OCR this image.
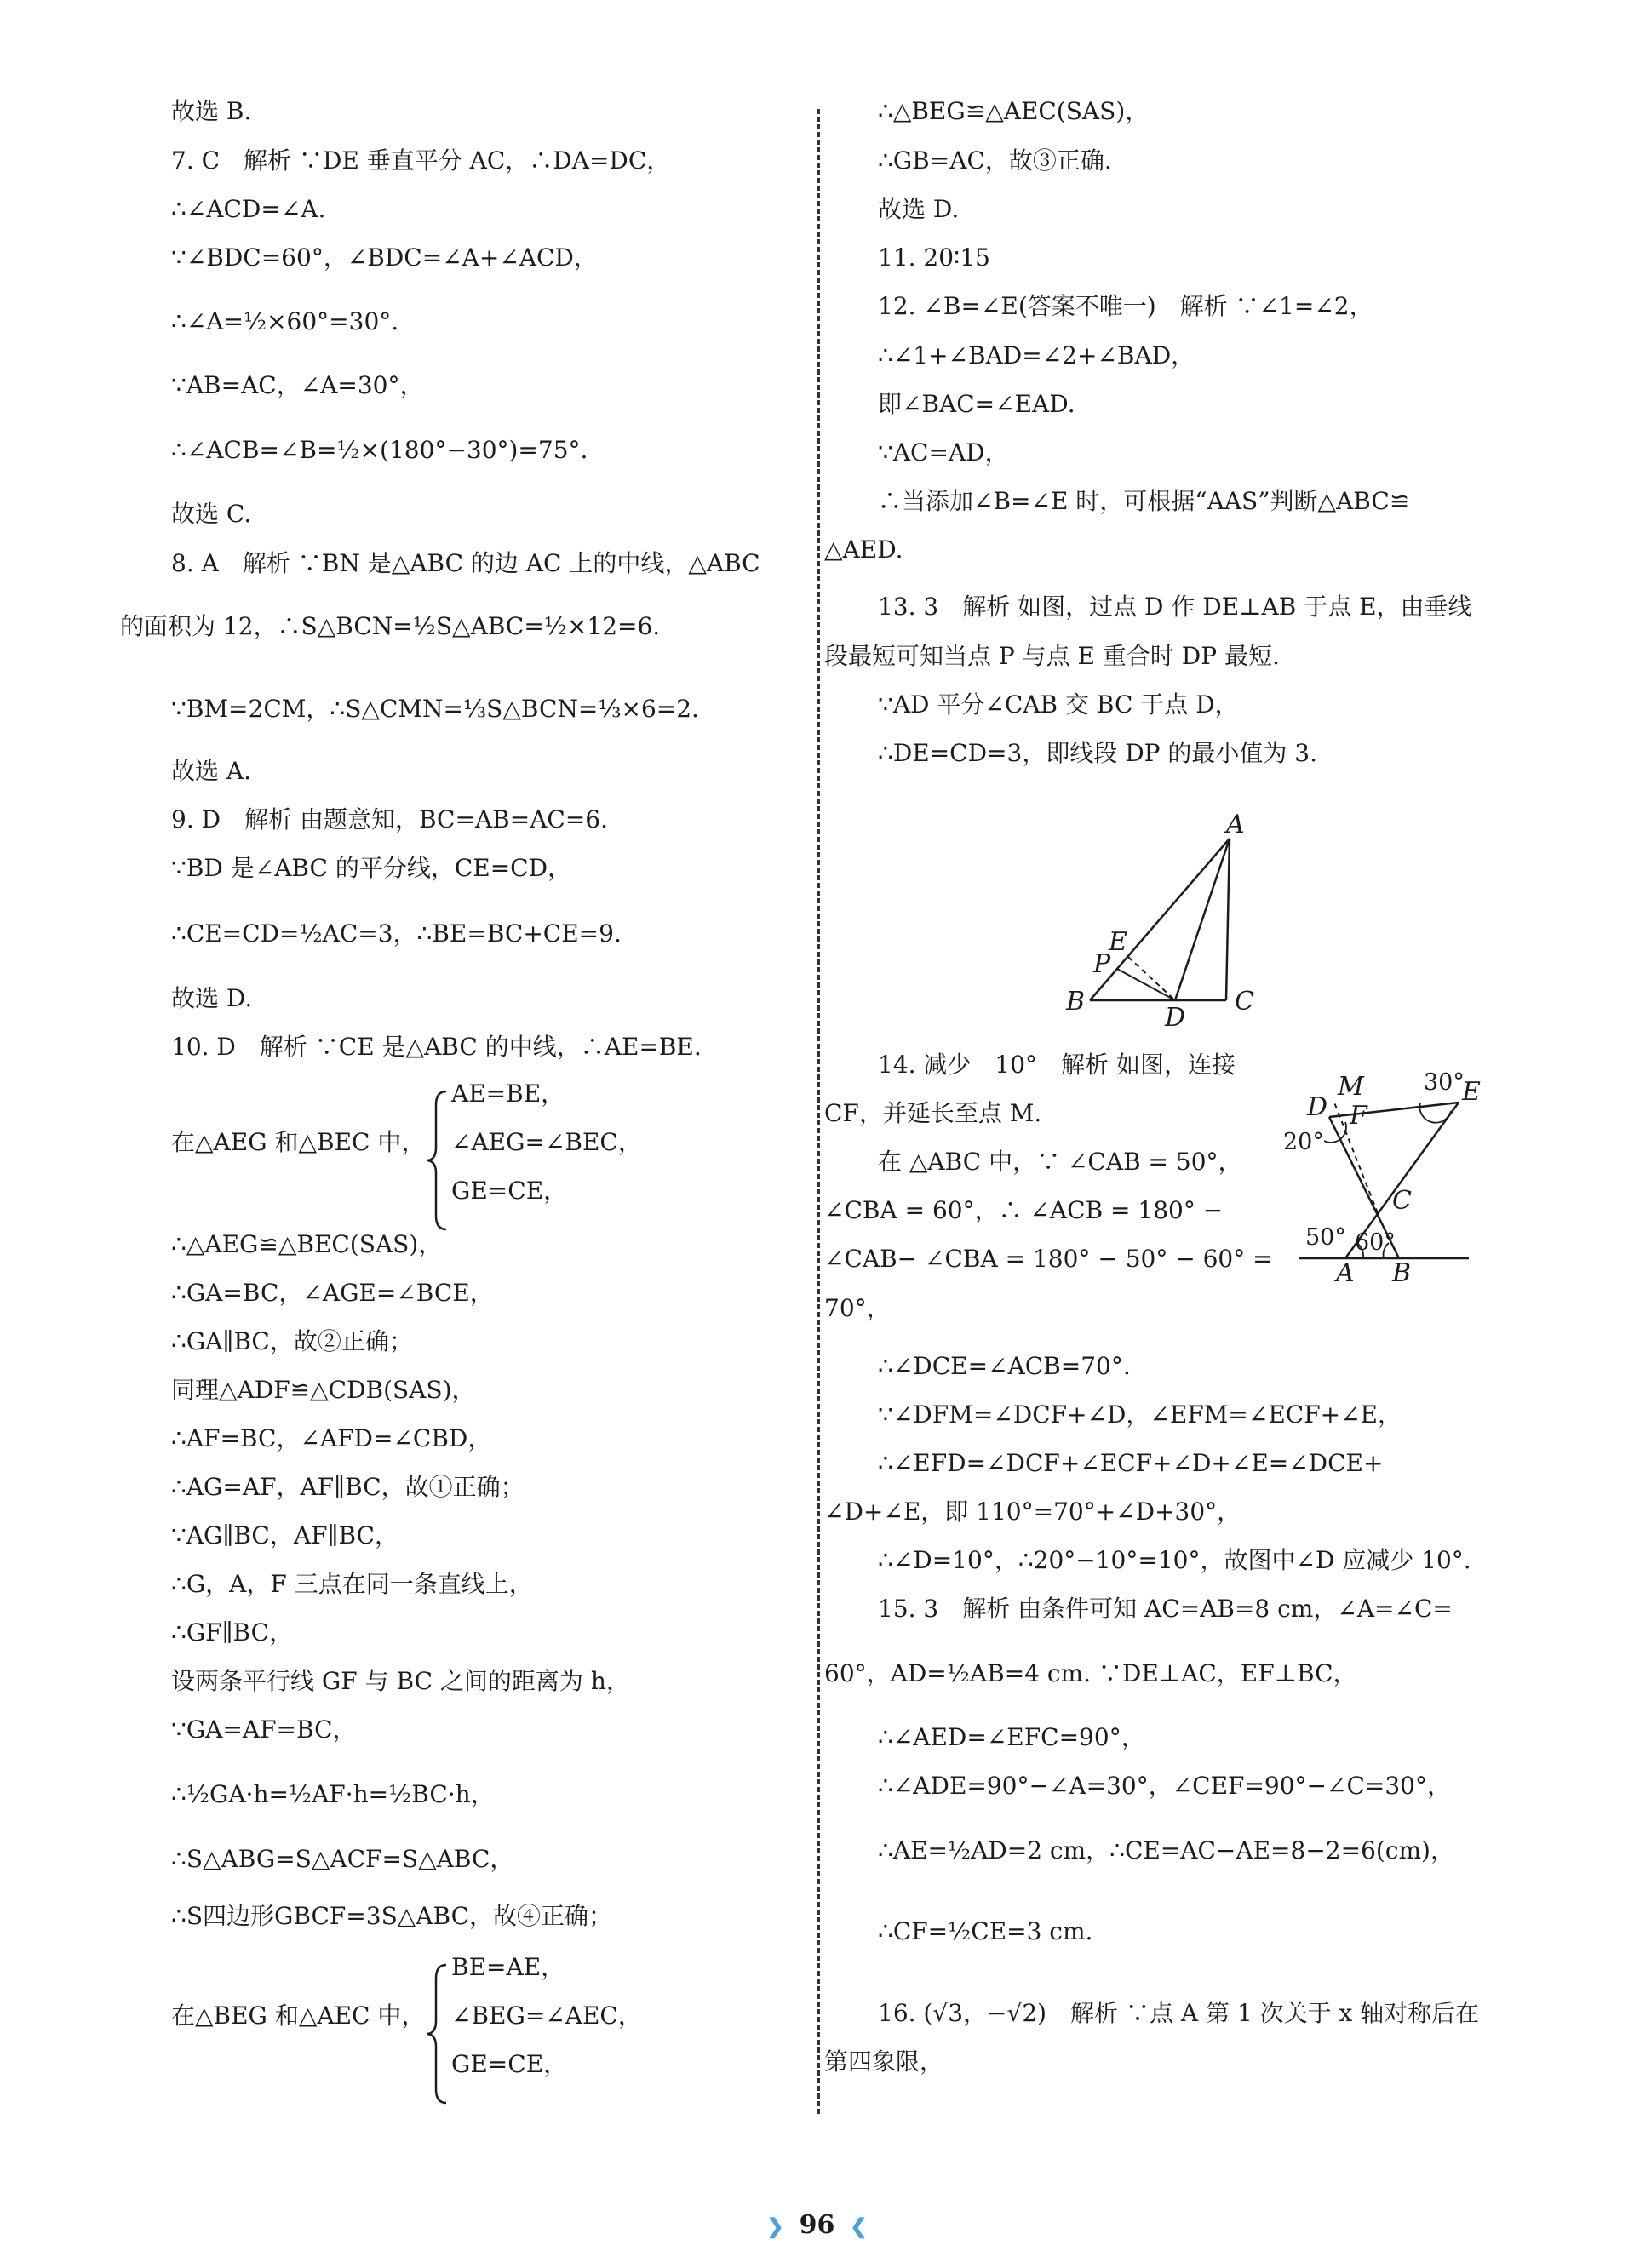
故选 B.
7. C　解析 ∵DE 垂直平分 AC，∴DA=DC，
∴∠ACD=∠A.
∵∠BDC=60°，∠BDC=∠A+∠ACD，
∴∠A=½×60°=30°.
∵AB=AC，∠A=30°，
∴∠ACB=∠B=½×(180°−30°)=75°.
故选 C.
8. A　解析 ∵BN 是△ABC 的边 AC 上的中线，△ABC
的面积为 12，∴S△BCN=½S△ABC=½×12=6.
∵BM=2CM，∴S△CMN=⅓S△BCN=⅓×6=2.
故选 A.
9. D　解析 由题意知，BC=AB=AC=6.
∵BD 是∠ABC 的平分线，CE=CD，
∴CE=CD=½AC=3，∴BE=BC+CE=9.
故选 D.
10. D　解析 ∵CE 是△ABC 的中线，∴AE=BE.
AE=BE，
在△AEG 和△BEC 中， ∠AEG=∠BEC，
GE=CE，
∴△AEG≌△BEC(SAS)，
∴GA=BC，∠AGE=∠BCE，
∴GA∥BC，故②正确；
同理△ADF≌△CDB(SAS)，
∴AF=BC，∠AFD=∠CBD，
∴AG=AF，AF∥BC，故①正确；
∵AG∥BC，AF∥BC，
∴G，A，F 三点在同一条直线上，
∴GF∥BC，
设两条平行线 GF 与 BC 之间的距离为 h，
∵GA=AF=BC，
∴½GA·h=½AF·h=½BC·h，
∴S△ABG=S△ACF=S△ABC，
∴S四边形GBCF=3S△ABC，故④正确；
BE=AE，
在△BEG 和△AEC 中， ∠BEG=∠AEC，
GE=CE，
∴△BEG≌△AEC(SAS)，
∴GB=AC，故③正确.
故选 D.
11. 20∶15
12. ∠B=∠E(答案不唯一)　解析 ∵∠1=∠2，
∴∠1+∠BAD=∠2+∠BAD，
即∠BAC=∠EAD.
∵AC=AD，
∴当添加∠B=∠E 时，可根据“AAS”判断△ABC≌
△AED.
13. 3　解析 如图，过点 D 作 DE⊥AB 于点 E，由垂线
段最短可知当点 P 与点 E 重合时 DP 最短.
∵AD 平分∠CAB 交 BC 于点 D，
∴DE=CD=3，即线段 DP 的最小值为 3.
14. 减少　10°　解析 如图，连接
CF，并延长至点 M.
在 △ABC 中，∵ ∠CAB = 50°，
∠CBA = 60°，∴ ∠ACB = 180° −
∠CAB− ∠CBA = 180° − 50° − 60° =
70°，
∴∠DCE=∠ACB=70°.
∵∠DFM=∠DCF+∠D，∠EFM=∠ECF+∠E，
∴∠EFD=∠DCF+∠ECF+∠D+∠E=∠DCE+
∠D+∠E，即 110°=70°+∠D+30°，
∴∠D=10°，∴20°−10°=10°，故图中∠D 应减少 10°.
15. 3　解析 由条件可知 AC=AB=8 cm，∠A=∠C=
60°，AD=½AB=4 cm. ∵DE⊥AC，EF⊥BC，
∴∠AED=∠EFC=90°，
∴∠ADE=90°−∠A=30°，∠CEF=90°−∠C=30°，
∴AE=½AD=2 cm，∴CE=AC−AE=8−2=6(cm)，
∴CF=½CE=3 cm.
16. (√3，−√2)　解析 ∵点 A 第 1 次关于 x 轴对称后在
第四象限，
A
E
P
B
D
C
M
D F
E
C
A B
30°
20°
50° 60°
❯ 96 ❮
